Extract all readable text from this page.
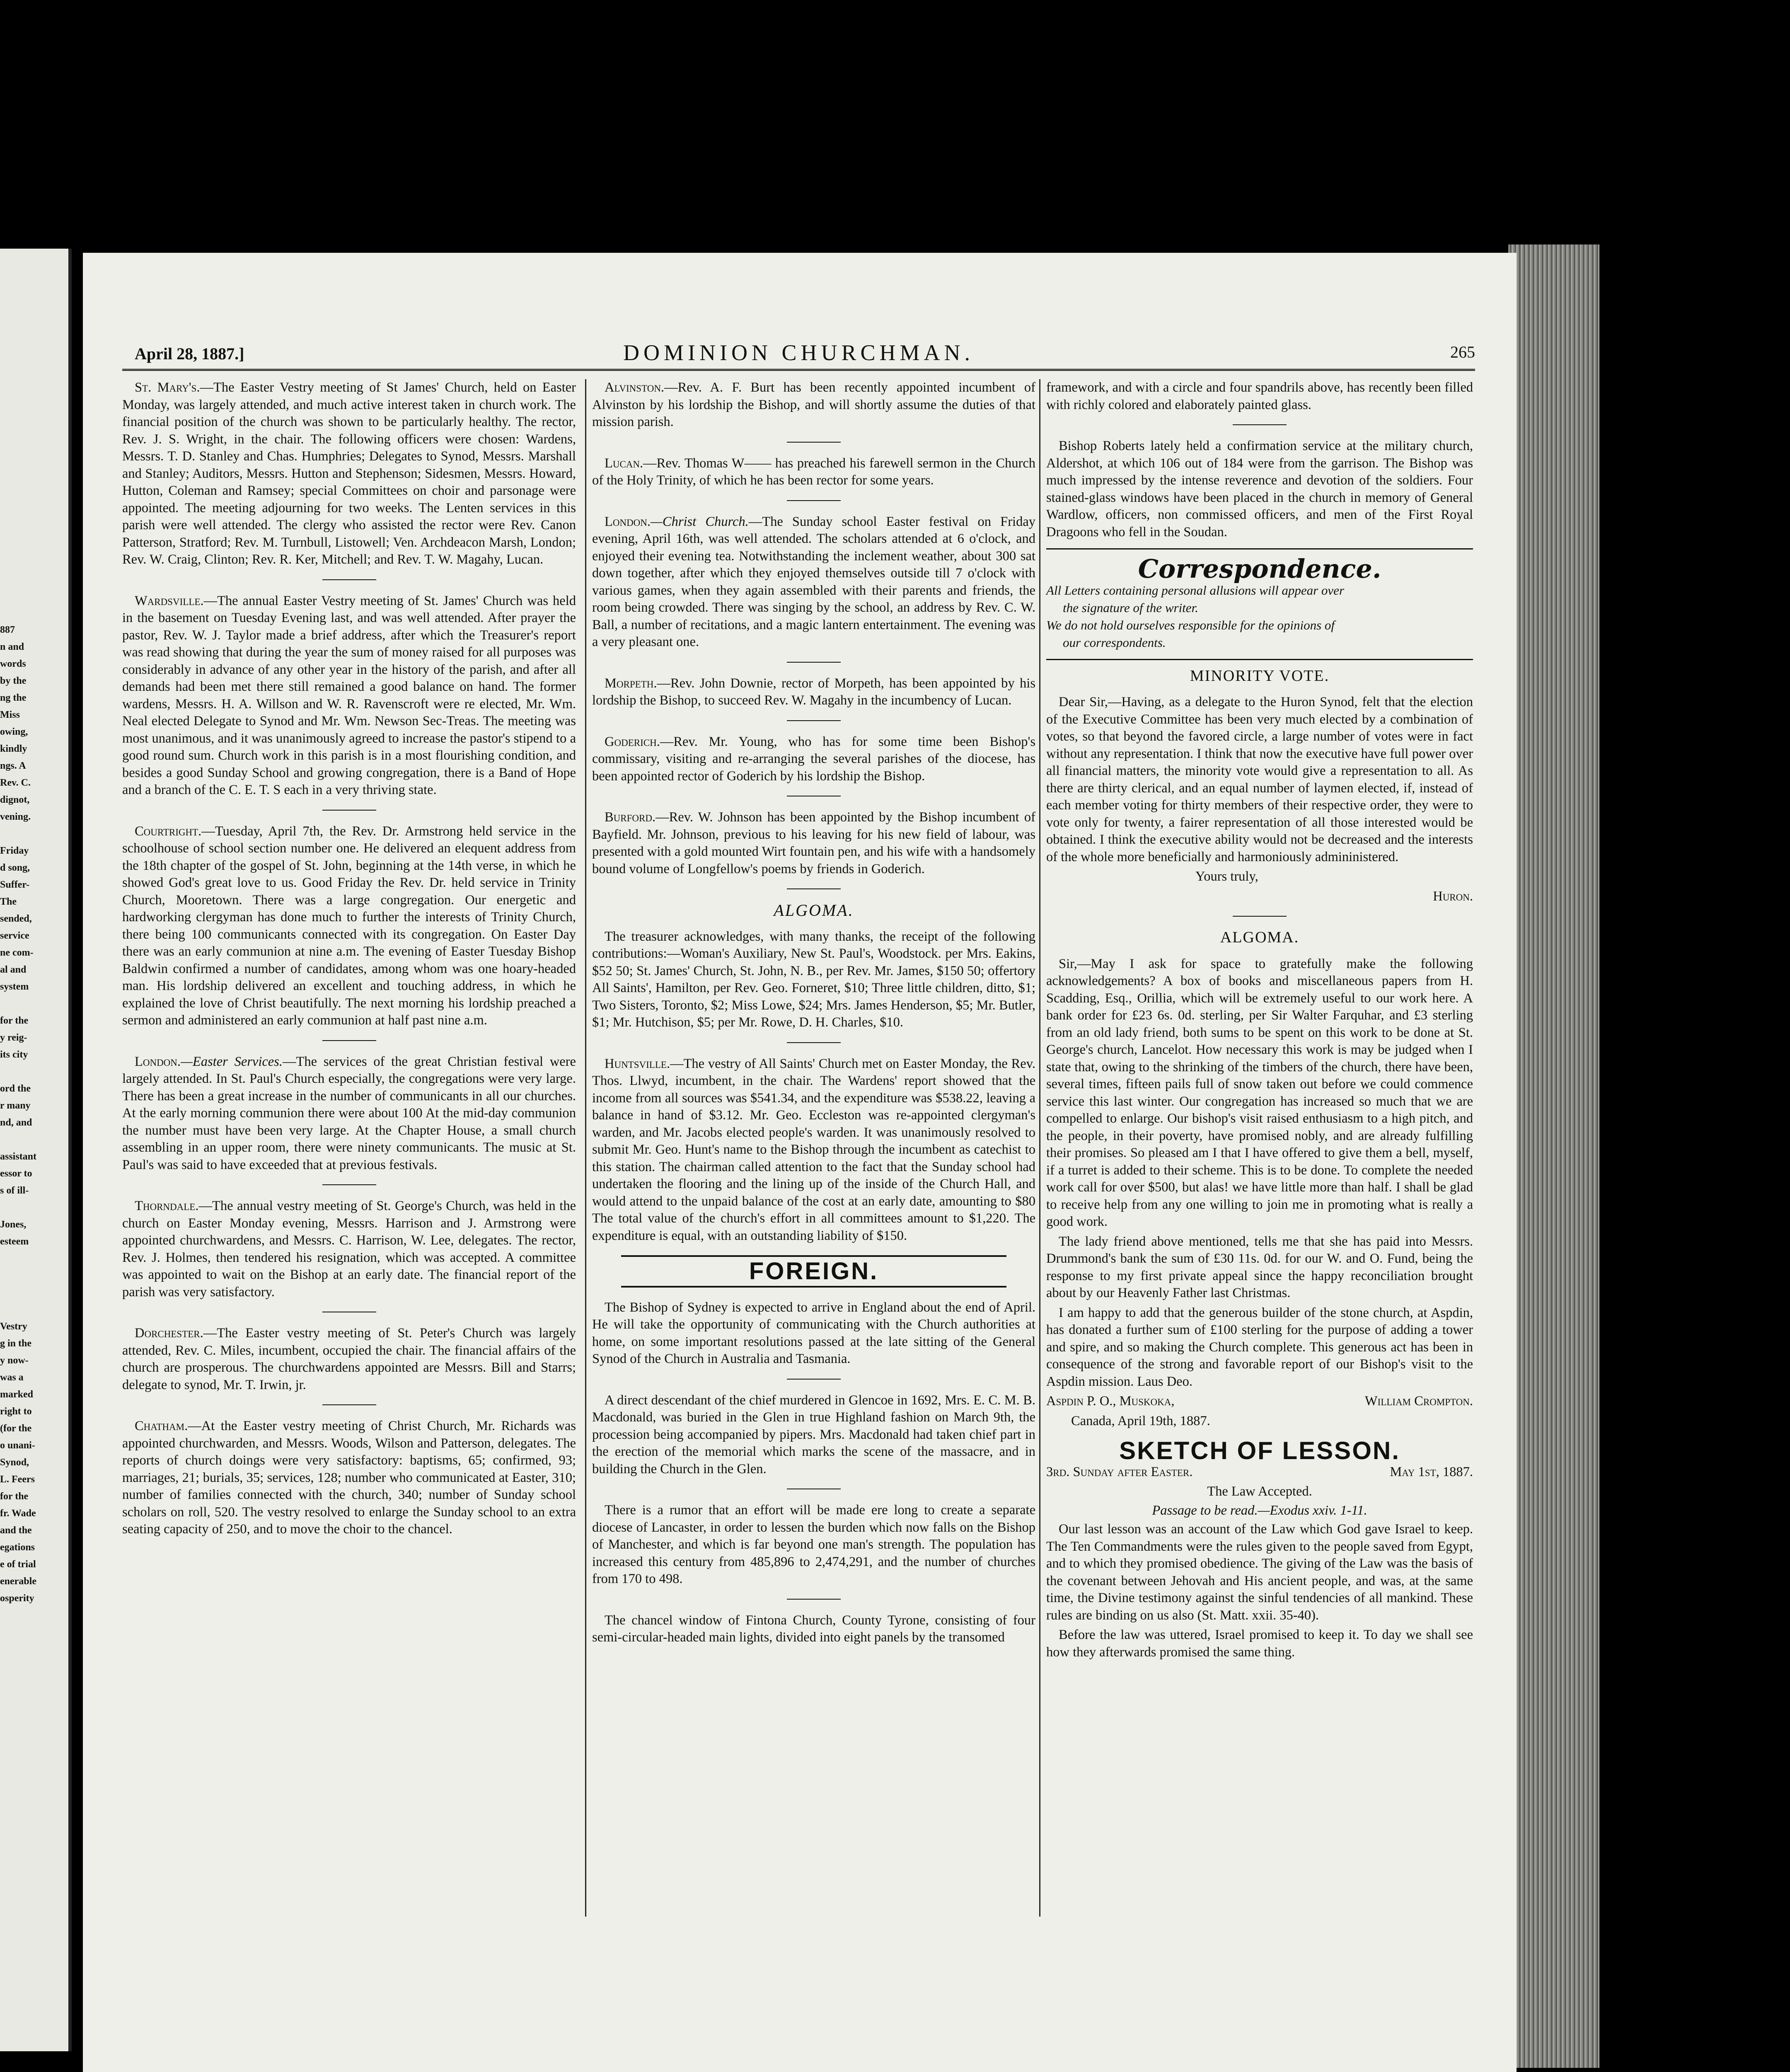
887
n and
words
by the
ng the
Miss
owing,
kindly
ngs. A
Rev. C.
dignot,
vening.

Friday
d song,
Suffer-
The
sended,
service
ne com-
al and
system

for the
y reig-
its city

ord the
r many
nd, and

assistant
essor to
s of ill-

Jones,
esteem

Vestry
g in the
y now-
was a
marked
right to
(for the
o unani-
Synod,
L. Feers
for the
fr. Wade
and the
egations
e of trial
enerable
osperity
April 28, 1887.]	DOMINION CHURCHMAN.	265

St. Mary's.—The Easter Vestry meeting of St James' Church, held on Easter Monday, was largely attended, and much active interest taken in church work. The financial position of the church was shown to be particularly healthy. The rector, Rev. J. S. Wright, in the chair. The following officers were chosen: Wardens, Messrs. T. D. Stanley and Chas. Humphries; Delegates to Synod, Messrs. Marshall and Stanley; Auditors, Messrs. Hutton and Stephenson; Sidesmen, Messrs. Howard, Hutton, Coleman and Ramsey; special Committees on choir and parsonage were appointed. The meeting adjourning for two weeks. The Lenten services in this parish were well attended. The clergy who assisted the rector were Rev. Canon Patterson, Stratford; Rev. M. Turnbull, Listowell; Ven. Archdeacon Marsh, London; Rev. W. Craig, Clinton; Rev. R. Ker, Mitchell; and Rev. T. W. Magahy, Lucan.

Wardsville.—The annual Easter Vestry meeting of St. James' Church was held in the basement on Tuesday Evening last, and was well attended. After prayer the pastor, Rev. W. J. Taylor made a brief address, after which the Treasurer's report was read showing that during the year the sum of money raised for all purposes was considerably in advance of any other year in the history of the parish, and after all demands had been met there still remained a good balance on hand. The former wardens, Messrs. H. A. Willson and W. R. Ravenscroft were re elected, Mr. Wm. Neal elected Delegate to Synod and Mr. Wm. Newson Sec-Treas. The meeting was most unanimous, and it was unanimously agreed to increase the pastor's stipend to a good round sum. Church work in this parish is in a most flourishing condition, and besides a good Sunday School and growing congregation, there is a Band of Hope and a branch of the C. E. T. S each in a very thriving state.

Courtright.—Tuesday, April 7th, the Rev. Dr. Armstrong held service in the schoolhouse of school section number one. He delivered an elequent address from the 18th chapter of the gospel of St. John, beginning at the 14th verse, in which he showed God's great love to us. Good Friday the Rev. Dr. held service in Trinity Church, Mooretown. There was a large congregation. Our energetic and hardworking clergyman has done much to further the interests of Trinity Church, there being 100 communicants connected with its congregation. On Easter Day there was an early communion at nine a.m. The evening of Easter Tuesday Bishop Baldwin confirmed a number of candidates, among whom was one hoary-headed man. His lordship delivered an excellent and touching address, in which he explained the love of Christ beautifully. The next morning his lordship preached a sermon and administered an early communion at half past nine a.m.

London.—Easter Services.—The services of the great Christian festival were largely attended. In St. Paul's Church especially, the congregations were very large. There has been a great increase in the number of communicants in all our churches. At the early morning communion there were about 100 At the mid-day communion the number must have been very large. At the Chapter House, a small church assembling in an upper room, there were ninety communicants. The music at St. Paul's was said to have exceeded that at previous festivals.

Thorndale.—The annual vestry meeting of St. George's Church, was held in the church on Easter Monday evening, Messrs. Harrison and J. Armstrong were appointed churchwardens, and Messrs. C. Harrison, W. Lee, delegates. The rector, Rev. J. Holmes, then tendered his resignation, which was accepted. A committee was appointed to wait on the Bishop at an early date. The financial report of the parish was very satisfactory.

Dorchester.—The Easter vestry meeting of St. Peter's Church was largely attended, Rev. C. Miles, incumbent, occupied the chair. The financial affairs of the church are prosperous. The churchwardens appointed are Messrs. Bill and Starrs; delegate to synod, Mr. T. Irwin, jr.

Chatham.—At the Easter vestry meeting of Christ Church, Mr. Richards was appointed churchwarden, and Messrs. Woods, Wilson and Patterson, delegates. The reports of church doings were very satisfactory: baptisms, 65; confirmed, 93; marriages, 21; burials, 35; services, 128; number who communicated at Easter, 310; number of families connected with the church, 340; number of Sunday school scholars on roll, 520. The vestry resolved to enlarge the Sunday school to an extra seating capacity of 250, and to move the choir to the chancel.

Alvinston.—Rev. A. F. Burt has been recently appointed incumbent of Alvinston by his lordship the Bishop, and will shortly assume the duties of that mission parish.

Lucan.—Rev. Thomas W—— has preached his farewell sermon in the Church of the Holy Trinity, of which he has been rector for some years.

London.—Christ Church.—The Sunday school Easter festival on Friday evening, April 16th, was well attended. The scholars attended at 6 o'clock, and enjoyed their evening tea. Notwithstanding the inclement weather, about 300 sat down together, after which they enjoyed themselves outside till 7 o'clock with various games, when they again assembled with their parents and friends, the room being crowded. There was singing by the school, an address by Rev. C. W. Ball, a number of recitations, and a magic lantern entertainment. The evening was a very pleasant one.

Morpeth.—Rev. John Downie, rector of Morpeth, has been appointed by his lordship the Bishop, to succeed Rev. W. Magahy in the incumbency of Lucan.

Goderich.—Rev. Mr. Young, who has for some time been Bishop's commissary, visiting and re-arranging the several parishes of the diocese, has been appointed rector of Goderich by his lordship the Bishop.

Burford.—Rev. W. Johnson has been appointed by the Bishop incumbent of Bayfield. Mr. Johnson, previous to his leaving for his new field of labour, was presented with a gold mounted Wirt fountain pen, and his wife with a handsomely bound volume of Longfellow's poems by friends in Goderich.

ALGOMA.

The treasurer acknowledges, with many thanks, the receipt of the following contributions:—Woman's Auxiliary, New St. Paul's, Woodstock. per Mrs. Eakins, $52 50; St. James' Church, St. John, N. B., per Rev. Mr. James, $150 50; offertory All Saints', Hamilton, per Rev. Geo. Forneret, $10; Three little children, ditto, $1; Two Sisters, Toronto, $2; Miss Lowe, $24; Mrs. James Henderson, $5; Mr. Butler, $1; Mr. Hutchison, $5; per Mr. Rowe, D. H. Charles, $10.

Huntsville.—The vestry of All Saints' Church met on Easter Monday, the Rev. Thos. Llwyd, incumbent, in the chair. The Wardens' report showed that the income from all sources was $541.34, and the expenditure was $538.22, leaving a balance in hand of $3.12. Mr. Geo. Eccleston was re-appointed clergyman's warden, and Mr. Jacobs elected people's warden. It was unanimously resolved to submit Mr. Geo. Hunt's name to the Bishop through the incumbent as catechist to this station. The chairman called attention to the fact that the Sunday school had undertaken the flooring and the lining up of the inside of the Church Hall, and would attend to the unpaid balance of the cost at an early date, amounting to $80 The total value of the church's effort in all committees amount to $1,220. The expenditure is equal, with an outstanding liability of $150.

FOREIGN.

The Bishop of Sydney is expected to arrive in England about the end of April. He will take the opportunity of communicating with the Church authorities at home, on some important resolutions passed at the late sitting of the General Synod of the Church in Australia and Tasmania.

A direct descendant of the chief murdered in Glencoe in 1692, Mrs. E. C. M. B. Macdonald, was buried in the Glen in true Highland fashion on March 9th, the procession being accompanied by pipers. Mrs. Macdonald had taken chief part in the erection of the memorial which marks the scene of the massacre, and in building the Church in the Glen.

There is a rumor that an effort will be made ere long to create a separate diocese of Lancaster, in order to lessen the burden which now falls on the Bishop of Manchester, and which is far beyond one man's strength. The population has increased this century from 485,896 to 2,474,291, and the number of churches from 170 to 498.

The chancel window of Fintona Church, County Tyrone, consisting of four semi-circular-headed main lights, divided into eight panels by the transomed

framework, and with a circle and four spandrils above, has recently been filled with richly colored and elaborately painted glass.

Bishop Roberts lately held a confirmation service at the military church, Aldershot, at which 106 out of 184 were from the garrison. The Bishop was much impressed by the intense reverence and devotion of the soldiers. Four stained-glass windows have been placed in the church in memory of General Wardlow, officers, non commissed officers, and men of the First Royal Dragoons who fell in the Soudan.

Correspondence.

All Letters containing personal allusions will appear over
the signature of the writer.
We do not hold ourselves responsible for the opinions of
our correspondents.

MINORITY VOTE.

Dear Sir,—Having, as a delegate to the Huron Synod, felt that the election of the Executive Committee has been very much elected by a combination of votes, so that beyond the favored circle, a large number of votes were in fact without any representation. I think that now the executive have full power over all financial matters, the minority vote would give a representation to all. As there are thirty clerical, and an equal number of laymen elected, if, instead of each member voting for thirty members of their respective order, they were to vote only for twenty, a fairer representation of all those interested would be obtained. I think the executive ability would not be decreased and the interests of the whole more beneficially and harmoniously admininistered.

Yours truly,

Huron.

ALGOMA.

Sir,—May I ask for space to gratefully make the following acknowledgements? A box of books and miscellaneous papers from H. Scadding, Esq., Orillia, which will be extremely useful to our work here. A bank order for £23 6s. 0d. sterling, per Sir Walter Farquhar, and £3 sterling from an old lady friend, both sums to be spent on this work to be done at St. George's church, Lancelot. How necessary this work is may be judged when I state that, owing to the shrinking of the timbers of the church, there have been, several times, fifteen pails full of snow taken out before we could commence service this last winter. Our congregation has increased so much that we are compelled to enlarge. Our bishop's visit raised enthusiasm to a high pitch, and the people, in their poverty, have promised nobly, and are already fulfilling their promises. So pleased am I that I have offered to give them a bell, myself, if a turret is added to their scheme. This is to be done. To complete the needed work call for over $500, but alas! we have little more than half. I shall be glad to receive help from any one willing to join me in promoting what is really a good work.

The lady friend above mentioned, tells me that she has paid into Messrs. Drummond's bank the sum of £30 11s. 0d. for our W. and O. Fund, being the response to my first private appeal since the happy reconciliation brought about by our Heavenly Father last Christmas.

I am happy to add that the generous builder of the stone church, at Aspdin, has donated a further sum of £100 sterling for the purpose of adding a tower and spire, and so making the Church complete. This generous act has been in consequence of the strong and favorable report of our Bishop's visit to the Aspdin mission. Laus Deo.

Aspdin P. O., Muskoka,	William Crompton.

Canada, April 19th, 1887.

SKETCH OF LESSON.

3rd. Sunday after Easter.	May 1st, 1887.

The Law Accepted.
Passage to be read.—Exodus xxiv. 1-11.

Our last lesson was an account of the Law which God gave Israel to keep. The Ten Commandments were the rules given to the people saved from Egypt, and to which they promised obedience. The giving of the Law was the basis of the covenant between Jehovah and His ancient people, and was, at the same time, the Divine testimony against the sinful tendencies of all mankind. These rules are binding on us also (St. Matt. xxii. 35-40).

Before the law was uttered, Israel promised to keep it. To day we shall see how they afterwards promised the same thing.
